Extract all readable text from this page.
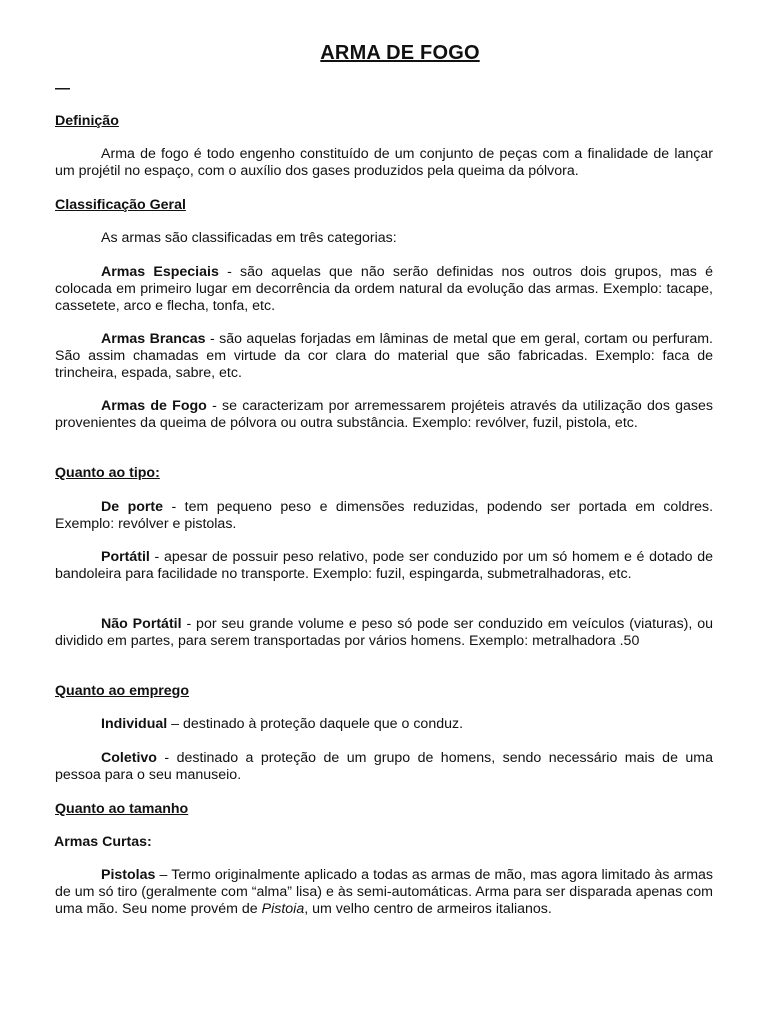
ARMA DE FOGO
—
Definição
Arma de fogo é todo engenho constituído de um conjunto de peças com a finalidade de lançar um projétil no espaço, com o auxílio dos gases produzidos pela queima da pólvora.
Classificação Geral
As armas são classificadas em três categorias:
Armas Especiais - são aquelas que não serão definidas nos outros dois grupos, mas é colocada em primeiro lugar em decorrência da ordem natural da evolução das armas. Exemplo: tacape, cassetete, arco e flecha, tonfa, etc.
Armas Brancas - são aquelas forjadas em lâminas de metal que em geral, cortam ou perfuram. São assim chamadas em virtude da cor clara do material que são fabricadas. Exemplo: faca de trincheira, espada, sabre, etc.
Armas de Fogo - se caracterizam por arremessarem projéteis através da utilização dos gases provenientes da queima de pólvora ou outra substância. Exemplo: revólver, fuzil, pistola, etc.
Quanto ao tipo:
De porte - tem pequeno peso e dimensões reduzidas, podendo ser portada em coldres. Exemplo: revólver e pistolas.
Portátil - apesar de possuir peso relativo, pode ser conduzido por um só homem e é dotado de bandoleira para facilidade no transporte. Exemplo: fuzil, espingarda, submetralhadoras, etc.
Não Portátil - por seu grande volume e peso só pode ser conduzido em veículos (viaturas), ou dividido em partes, para serem transportadas por vários homens. Exemplo: metralhadora .50
Quanto ao emprego
Individual – destinado à proteção daquele que o conduz.
Coletivo - destinado a proteção de um grupo de homens, sendo necessário mais de uma pessoa para o seu manuseio.
Quanto ao tamanho
Armas Curtas:
Pistolas – Termo originalmente aplicado a todas as armas de mão, mas agora limitado às armas de um só tiro (geralmente com “alma” lisa) e às semi-automáticas. Arma para ser disparada apenas com uma mão. Seu nome provém de Pistoia, um velho centro de armeiros italianos.
